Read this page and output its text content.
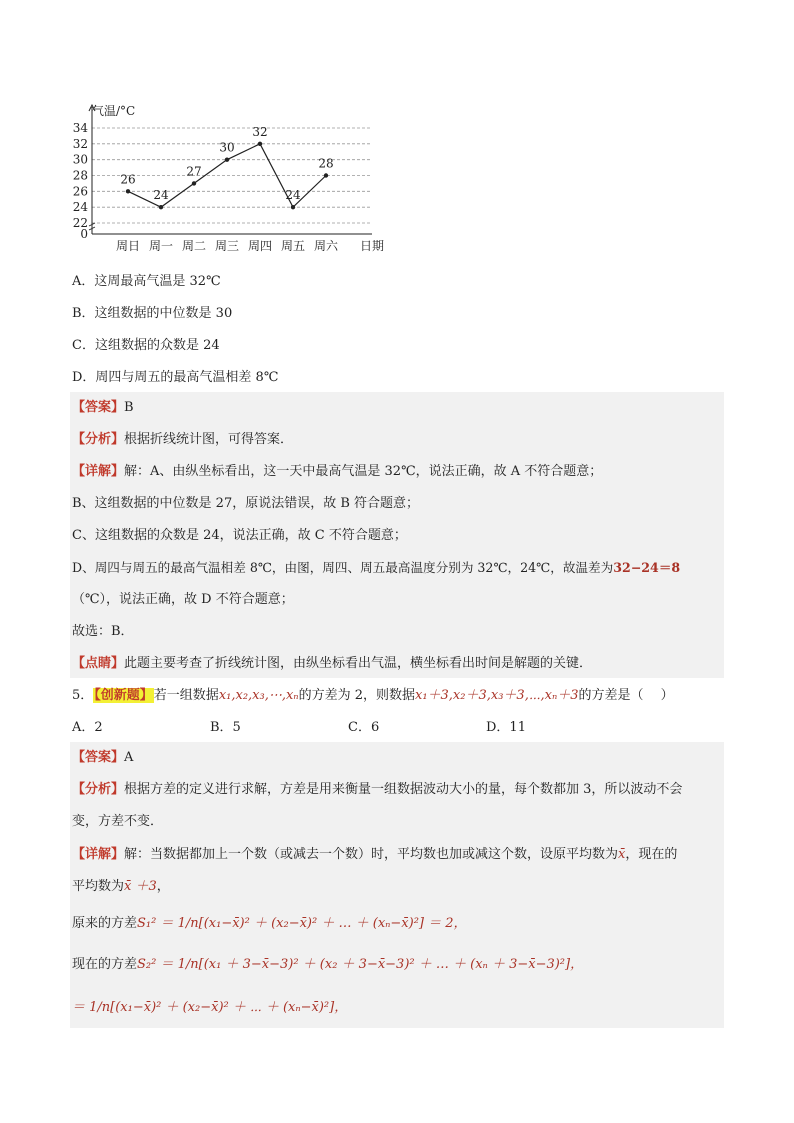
0
22
24
26
28
30
32
34
周日 周一 周二 周三 周四 周五 周六
26
24
27
30
32
24
28
气温/°C
日期
A．这周最高气温是 32℃
B．这组数据的中位数是 30
C．这组数据的众数是 24
D．周四与周五的最高气温相差 8℃
【答案】B
【分析】根据折线统计图，可得答案．
【详解】解：A、由纵坐标看出，这一天中最高气温是 32℃，说法正确，故 A 不符合题意；
B、这组数据的中位数是 27，原说法错误，故 B 符合题意；
C、这组数据的众数是 24，说法正确，故 C 不符合题意；
D、周四与周五的最高气温相差 8℃，由图，周四、周五最高温度分别为 32℃，24℃，故温差为32−24＝8
（℃），说法正确，故 D 不符合题意；
故选：B．
【点睛】此题主要考查了折线统计图，由纵坐标看出气温，横坐标看出时间是解题的关键．
5．【创新题】若一组数据x₁,x₂,x₃,⋯,xₙ的方差为 2，则数据x₁＋3,x₂＋3,x₃＋3,⋯,xₙ＋3的方差是（　 ）
A．2	B．5	C．6	D．11
【答案】A
【分析】根据方差的定义进行求解，方差是用来衡量一组数据波动大小的量，每个数都加 3，所以波动不会
变，方差不变．
【详解】解：当数据都加上一个数（或减去一个数）时，平均数也加或减这个数，设原平均数为x̄，现在的
平均数为x̄ ＋3，
原来的方差S₁² ＝ 1/n[(x₁−x̄)² ＋ (x₂−x̄)² ＋ … ＋ (xₙ−x̄)²] ＝ 2，
现在的方差S₂² ＝ 1/n[(x₁ ＋ 3−x̄−3)² ＋ (x₂ ＋ 3−x̄−3)² ＋ … ＋ (xₙ ＋ 3−x̄−3)²]，
＝ 1/n[(x₁−x̄)² ＋ (x₂−x̄)² ＋ ⋯ ＋ (xₙ−x̄)²]，
